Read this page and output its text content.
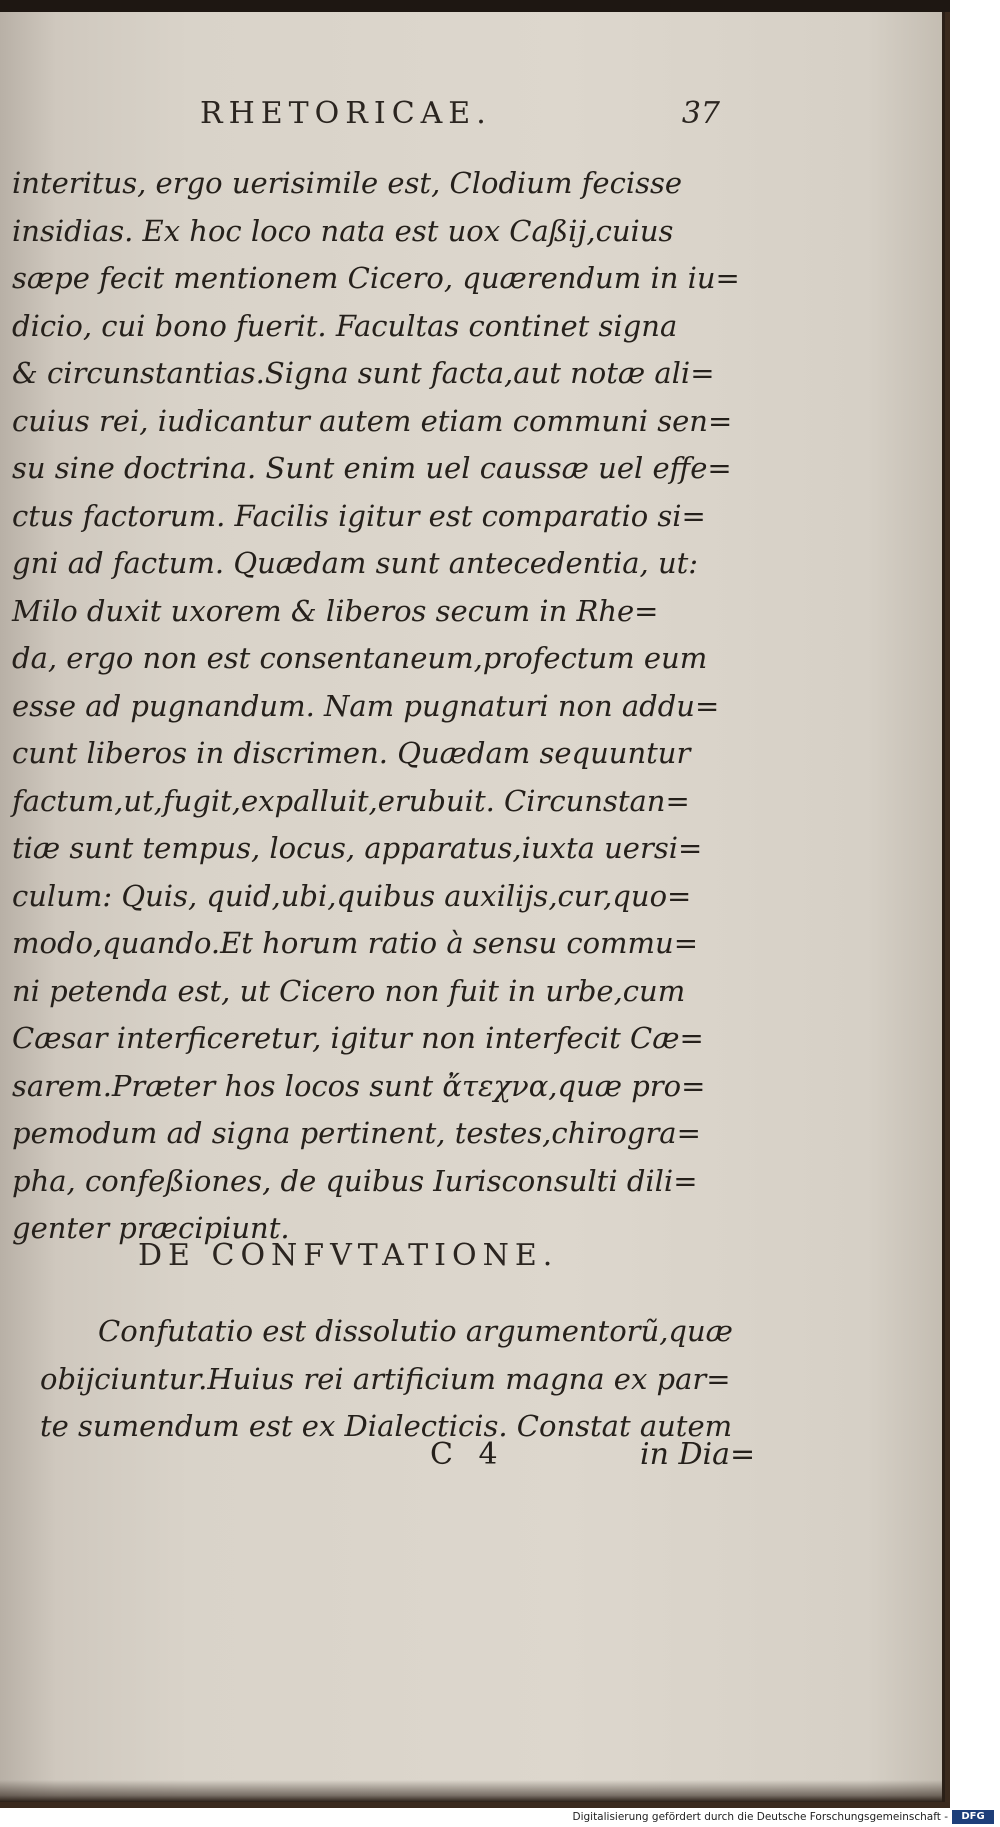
RHETORICAE.	37
interitus, ergo uerisimile est, Clodium fecisse
insidias. Ex hoc loco nata est uox Caßij,cuius
sæpe fecit mentionem Cicero, quærendum in iu=
dicio, cui bono fuerit. Facultas continet signa
& circunstantias.Signa sunt facta,aut notæ ali=
cuius rei, iudicantur autem etiam communi sen=
su sine doctrina. Sunt enim uel caussæ uel effe=
ctus factorum. Facilis igitur est comparatio si=
gni ad factum. Quædam sunt antecedentia, ut:
Milo duxit uxorem & liberos secum in Rhe=
da, ergo non est consentaneum,profectum eum
esse ad pugnandum. Nam pugnaturi non addu=
cunt liberos in discrimen. Quædam sequuntur
factum,ut,fugit,expalluit,erubuit. Circunstan=
tiæ sunt tempus, locus, apparatus,iuxta uersi=
culum: Quis, quid,ubi,quibus auxilijs,cur,quo=
modo,quando.Et horum ratio à sensu commu=
ni petenda est, ut Cicero non fuit in urbe,cum
Cæsar interficeretur, igitur non interfecit Cæ=
sarem.Præter hos locos sunt ἄτεχνα,quæ pro=
pemodum ad signa pertinent, testes,chirogra=
pha, confeßiones, de quibus Iurisconsulti dili=
genter præcipiunt.
DE CONFVTATIONE.
Confutatio est dissolutio argumentorũ,quæ
obijciuntur.Huius rei artificium magna ex par=
te sumendum est ex Dialecticis. Constat autem
C 4	in Dia=
Digitalisierung gefördert durch die Deutsche Forschungsgemeinschaft -	DFG
